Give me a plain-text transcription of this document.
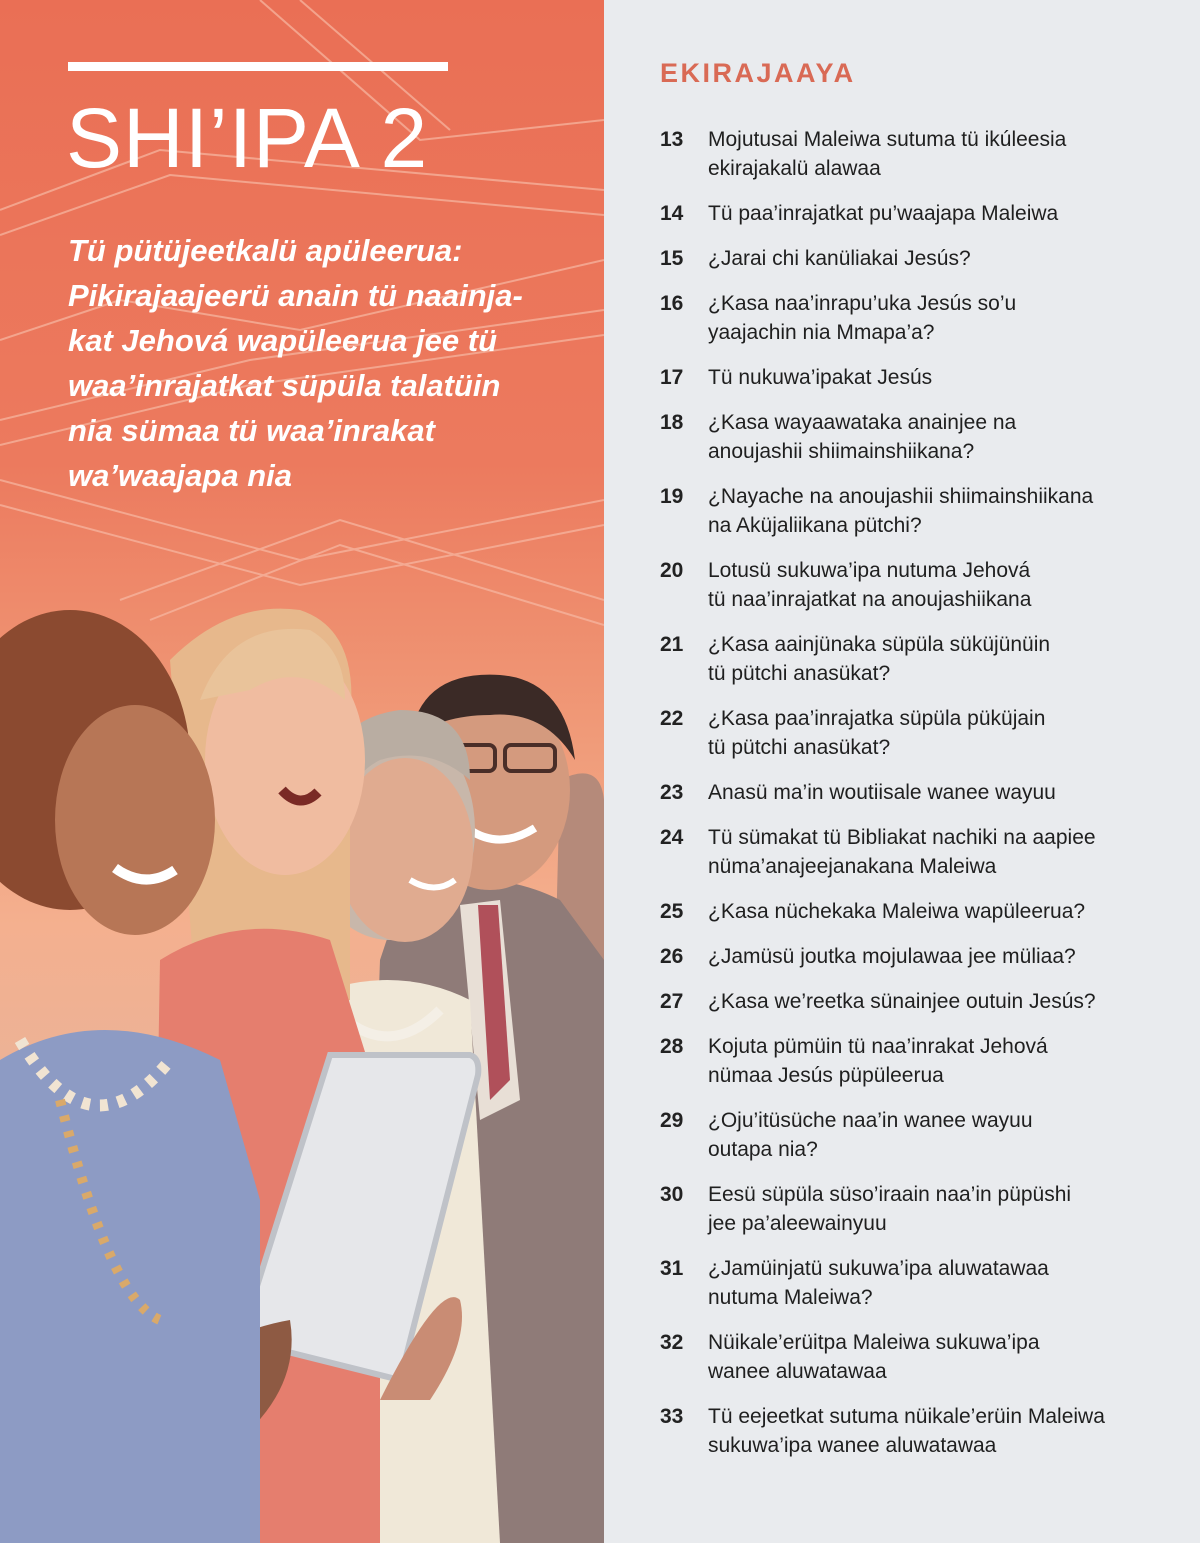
SHI’IPA 2

Tü pütüjeetkalü apüleerua:
Pikirajaajeerü anain tü naainja-
kat Jehová wapüleerua jee tü
waa’inrajatkat süpüla talatüin
nia sümaa tü waa’inrakat
wa’waajapa nia

EKIRAJAAYA
13	Mojutusai Maleiwa sutuma tü ikúleesia
ekirajakalü alawaa
14	Tü paa’inrajatkat pu’waajapa Maleiwa
15	¿Jarai chi kanüliakai Jesús?
16	¿Kasa naa’inrapu’uka Jesús so’u
yaajachin nia Mmapa’a?
17	Tü nukuwa’ipakat Jesús
18	¿Kasa wayaawataka anainjee na
anoujashii shiimainshiikana?
19	¿Nayache na anoujashii shiimainshiikana
na Aküjaliikana pütchi?
20	Lotusü sukuwa’ipa nutuma Jehová
tü naa’inrajatkat na anoujashiikana
21	¿Kasa aainjünaka süpüla süküjünüin
tü pütchi anasükat?
22	¿Kasa paa’inrajatka süpüla püküjain
tü pütchi anasükat?
23	Anasü ma’in woutiisale wanee wayuu
24	Tü sümakat tü Bibliakat nachiki na aapiee
nüma’anajeejanakana Maleiwa
25	¿Kasa nüchekaka Maleiwa wapüleerua?
26	¿Jamüsü joutka mojulawaa jee müliaa?
27	¿Kasa we’reetka sünainjee outuin Jesús?
28	Kojuta pümüin tü naa’inrakat Jehová
nümaa Jesús püpüleerua
29	¿Oju’itüsüche naa’in wanee wayuu
outapa nia?
30	Eesü süpüla süso’iraain naa’in püpüshi
jee pa’aleewainyuu
31	¿Jamüinjatü sukuwa’ipa aluwatawaa
nutuma Maleiwa?
32	Nüikale’erüitpa Maleiwa sukuwa’ipa
wanee aluwatawaa
33	Tü eejeetkat sutuma nüikale’erüin Maleiwa
sukuwa’ipa wanee aluwatawaa
